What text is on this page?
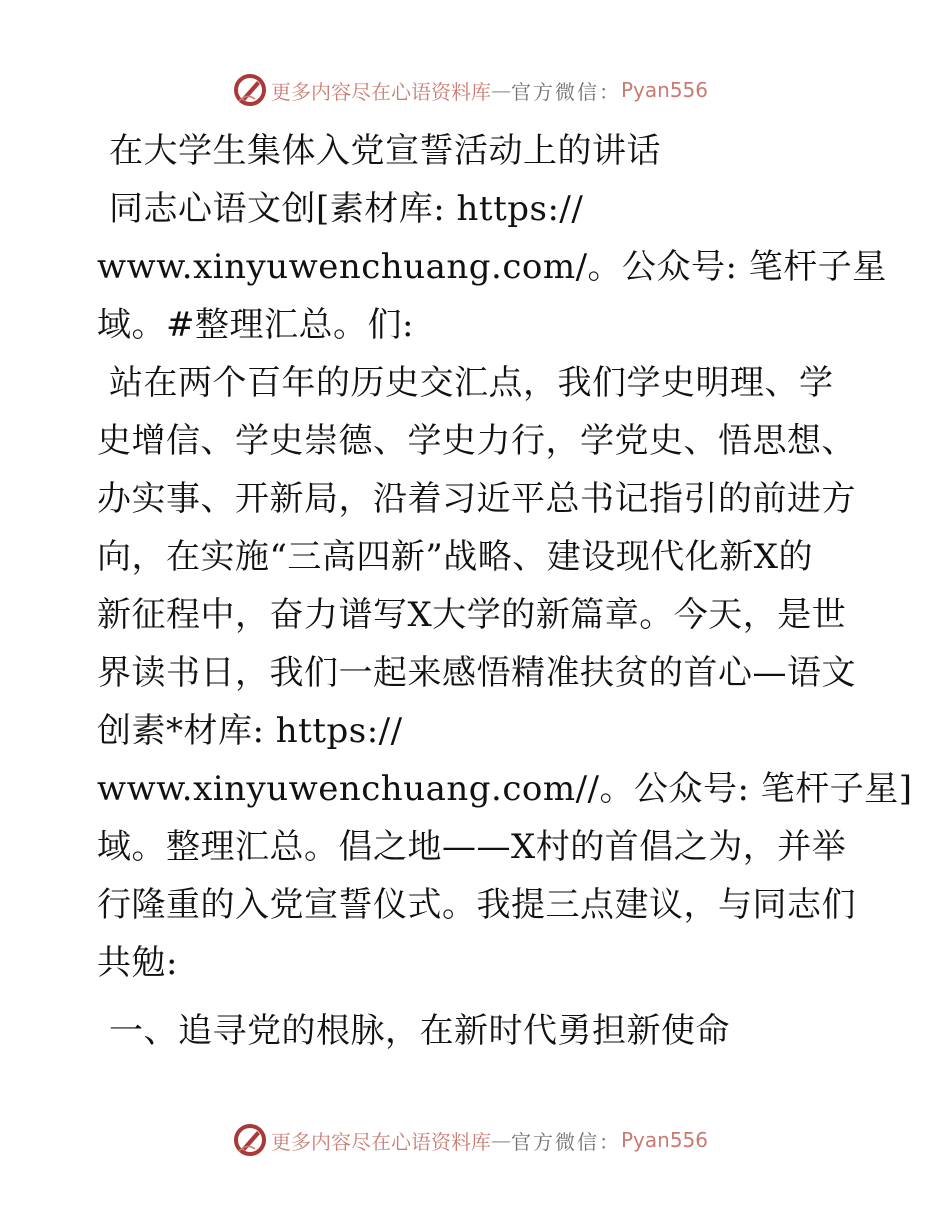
更多内容尽在心语资料库 — 官方微信： Pyan556
在大学生集体入党宣誓活动上的讲话
同志心语文创[素材库: https://
www.xinyuwenchuang.com/。公众号: 笔杆子星
域。#整理汇总。们:
站在两个百年的历史交汇点，我们学史明理、学
史增信、学史崇德、学史力行，学党史、悟思想、
办实事、开新局，沿着习近平总书记指引的前进方
向，在实施“三高四新”战略、建设现代化新X的
新征程中，奋力谱写X大学的新篇章。今天，是世
界读书日，我们一起来感悟精准扶贫的首心—语文
创素*材库: https://
www.xinyuwenchuang.com//。公众号: 笔杆子星]
域。整理汇总。倡之地——X村的首倡之为，并举
行隆重的入党宣誓仪式。我提三点建议，与同志们
共勉:
一、追寻党的根脉，在新时代勇担新使命
更多内容尽在心语资料库 — 官方微信： Pyan556
